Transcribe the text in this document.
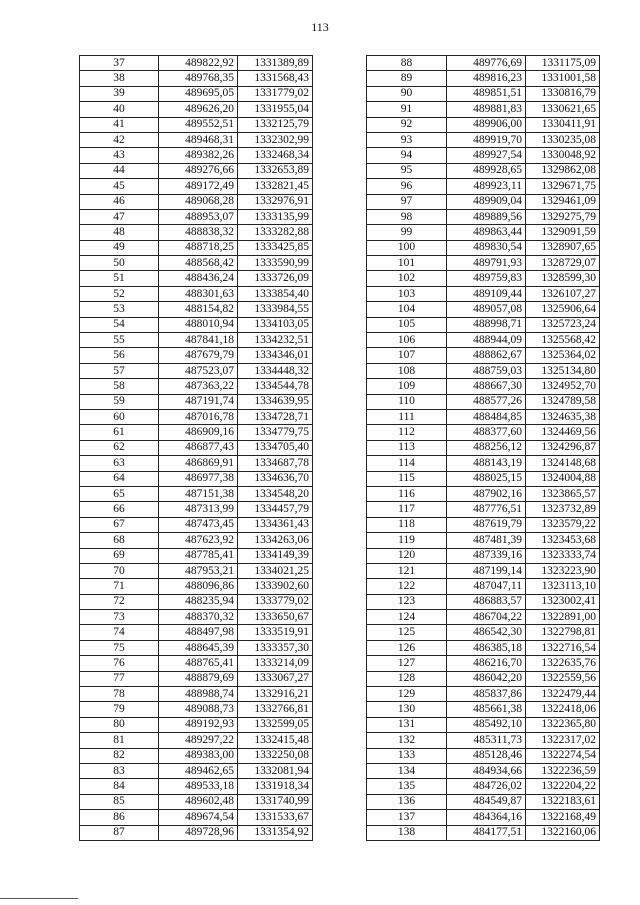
113
37	489822,92	1331389,89
38	489768,35	1331568,43
39	489695,05	1331779,02
40	489626,20	1331955,04
41	489552,51	1332125,79
42	489468,31	1332302,99
43	489382,26	1332468,34
44	489276,66	1332653,89
45	489172,49	1332821,45
46	489068,28	1332976,91
47	488953,07	1333135,99
48	488838,32	1333282,88
49	488718,25	1333425,85
50	488568,42	1333590,99
51	488436,24	1333726,09
52	488301,63	1333854,40
53	488154,82	1333984,55
54	488010,94	1334103,05
55	487841,18	1334232,51
56	487679,79	1334346,01
57	487523,07	1334448,32
58	487363,22	1334544,78
59	487191,74	1334639,95
60	487016,78	1334728,71
61	486909,16	1334779,75
62	486877,43	1334705,40
63	486869,91	1334687,78
64	486977,38	1334636,70
65	487151,38	1334548,20
66	487313,99	1334457,79
67	487473,45	1334361,43
68	487623,92	1334263,06
69	487785,41	1334149,39
70	487953,21	1334021,25
71	488096,86	1333902,60
72	488235,94	1333779,02
73	488370,32	1333650,67
74	488497,98	1333519,91
75	488645,39	1333357,30
76	488765,41	1333214,09
77	488879,69	1333067,27
78	488988,74	1332916,21
79	489088,73	1332766,81
80	489192,93	1332599,05
81	489297,22	1332415,48
82	489383,00	1332250,08
83	489462,65	1332081,94
84	489533,18	1331918,34
85	489602,48	1331740,99
86	489674,54	1331533,67
87	489728,96	1331354,92
88	489776,69	1331175,09
89	489816,23	1331001,58
90	489851,51	1330816,79
91	489881,83	1330621,65
92	489906,00	1330411,91
93	489919,70	1330235,08
94	489927,54	1330048,92
95	489928,65	1329862,08
96	489923,11	1329671,75
97	489909,04	1329461,09
98	489889,56	1329275,79
99	489863,44	1329091,59
100	489830,54	1328907,65
101	489791,93	1328729,07
102	489759,83	1328599,30
103	489109,44	1326107,27
104	489057,08	1325906,64
105	488998,71	1325723,24
106	488944,09	1325568,42
107	488862,67	1325364,02
108	488759,03	1325134,80
109	488667,30	1324952,70
110	488577,26	1324789,58
111	488484,85	1324635,38
112	488377,60	1324469,56
113	488256,12	1324296,87
114	488143,19	1324148,68
115	488025,15	1324004,88
116	487902,16	1323865,57
117	487776,51	1323732,89
118	487619,79	1323579,22
119	487481,39	1323453,68
120	487339,16	1323333,74
121	487199,14	1323223,90
122	487047,11	1323113,10
123	486883,57	1323002,41
124	486704,22	1322891,00
125	486542,30	1322798,81
126	486385,18	1322716,54
127	486216,70	1322635,76
128	486042,20	1322559,56
129	485837,86	1322479,44
130	485661,38	1322418,06
131	485492,10	1322365,80
132	485311,73	1322317,02
133	485128,46	1322274,54
134	484934,66	1322236,59
135	484726,02	1322204,22
136	484549,87	1322183,61
137	484364,16	1322168,49
138	484177,51	1322160,06
